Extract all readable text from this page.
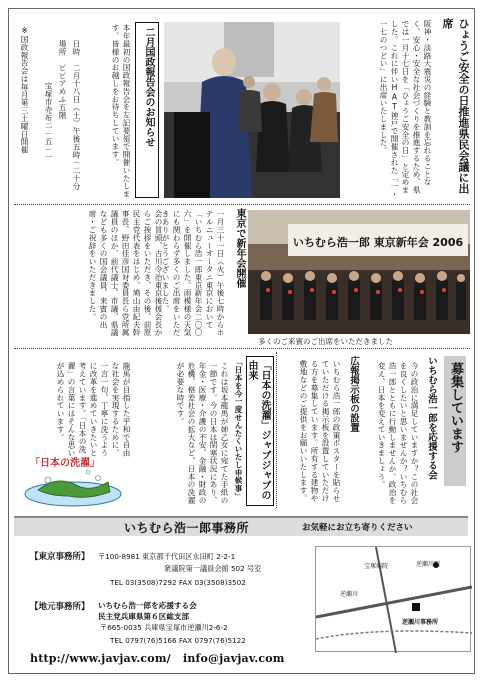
ひょうご安全の日推進県民会議に出席
阪神・淡路大震災の経験と教訓を忘れることなく、安心・安全な社会づくりを推進するため、県では一月十七日を「ひょうご安全の日」と定めました。これに伴いHAT神戸で開催された「一・一七のつどい」に出席いたしました。
二月国政報告会のお知らせ
本年最初の国政報告会を左記要領で開催いたします。皆様のお越しをお待ちしています。
日時　二月十八日（土）午後五時－二十分
場所　ピピアめふ五階
宝塚市売布二－五－一
※国政報告会は毎月第三土曜日開催
東京で新年会開催
一月三十一日（火）午後七時からホテルニューオータニ東京において「いちむら浩一郎東京新年会二〇〇六」を開催しました。雨模様の天気にも関わらず多くのご出席をいただきありがとうございました。
会の冒頭、古川令治東京後援会長からご挨拶をいただき、その後、前原民主党代表をはじめ、鳩山由紀夫幹事長、野田佳彦国対委員長ら党所属議員のほか、前代議士、市議、県議なども多くの国会議員、来賓の出席・ご祝辞をいただきました。	いちむら浩一郎 東京新年会 2006
多くのご来賓のご出席をいただきました
募集しています
いちむら浩一郎を応援する会
今の政治に満足していますか？この社会を良くしたいと思いませんか？いちむら浩一郎とともに行動しませんか。政治を変え、日本を変えていきましょう。
広報掲示板の設置
いちむら浩一郎の政策ポスターを貼らせていただける掲示板を設置していただける方を募集しています。所有する建物や敷地などのご提供をお願いいたします。
「日本の洗濯」ジャブジャブの由来
「日本を今一度せんたくいたし申候事」
これは坂本龍馬が姉乙女に宛てた手紙の一節です。今の日本は閉塞状況にあり、年金・医療・介護の不安、金融・財政の危機、格差社会の拡大など、日本の洗濯が必要な時です。
龍馬が目指した平和で自由な社会を実現するために、一言一句、丁寧に洗うように改革を進めていきたいと考えています。「日本の洗濯」の言葉にはそんな思いが込められています。
「日本の洗濯」
いちむら浩一郎事務所	お気軽にお立ち寄りください
【東京事務所】 〒100-8981 東京都千代田区永田町 2-2-1
衆議院第一議員会館 502 号室
TEL 03(3508)7292 FAX 03(3508)3502
【地元事務所】 いちむら浩一郎を応援する会
民主党兵庫県第６区総支部
〒665-0035 兵庫県宝塚市逆瀬川2-6-2
TEL 0797(76)5166 FAX 0797(76)5122
http://www.javjav.com/ info@javjav.com
逆瀬川駅
宝塚病院
逆瀬川事務所
逆瀬川
